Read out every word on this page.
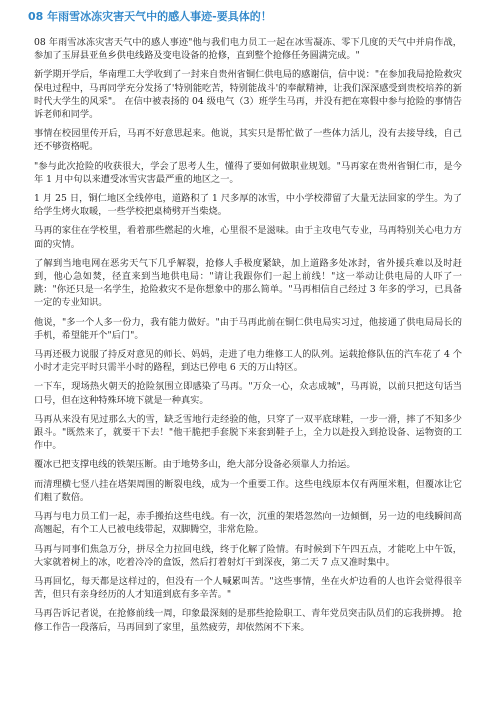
08 年雨雪冰冻灾害天气中的感人事迹-要具体的！

08 年雨雪冰冻灾害天气中的感人事迹"他与我们电力员工一起在冰雪凝冻、零下几度的天气中并肩作战，参加了玉屏县亚鱼乡供电线路及变电设备的抢修，直到整个抢修任务圆满完成。"

新学期开学后，华南理工大学收到了一封来自贵州省铜仁供电局的感谢信，信中说："在参加我局抢险救灾保电过程中，马再同学充分发扬了'特别能吃苦，特别能战斗'的奉献精神，让我们深深感受到贵校培养的新时代大学生的风采"。 在信中被表扬的 04 级电气（3）班学生马再，并没有把在寒假中参与抢险的事情告诉老师和同学。

事情在校园里传开后，马再不好意思起来。他说，其实只是帮忙做了一些体力活儿，没有去接导线，自己还不够资格呢。

"参与此次抢险的收获很大，学会了思考人生，懂得了要如何做职业规划。"马再家在贵州省铜仁市，是今年 1 月中旬以来遭受冰雪灾害最严重的地区之一。

1 月 25 日，铜仁地区全线停电，道路积了 1 尺多厚的冰雪，中小学校滞留了大量无法回家的学生。为了给学生烤火取暖，一些学校把桌椅劈开当柴烧。

马再的家住在学校里，看着那些燃起的火堆，心里很不是滋味。由于主攻电气专业，马再特别关心电力方面的灾情。

了解到当地电网在恶劣天气下几乎解裂，抢修人手极度紧缺，加上道路多处冰封，省外援兵难以及时赶到，他心急如焚，径直来到当地供电局："请让我跟你们一起上前线！"这一举动让供电局的人吓了一跳："你还只是一名学生，抢险救灾不是你想象中的那么简单。"马再相信自己经过 3 年多的学习，已具备一定的专业知识。

他说，"多一个人多一份力，我有能力做好。"由于马再此前在铜仁供电局实习过，他接通了供电局局长的手机，希望能开个"后门"。

马再还极力说服了持反对意见的师长、妈妈，走进了电力维修工人的队列。运载抢修队伍的汽车花了 4 个小时才走完平时只需半小时的路程，到达已停电 6 天的万山特区。

一下车，现场热火朝天的抢险氛围立即感染了马再。"万众一心，众志成城"，马再说，以前只把这句话当口号，但在这种特殊环境下就是一种真实。

马再从来没有见过那么大的雪，缺乏雪地行走经验的他，只穿了一双平底球鞋，一步一滑，摔了不知多少跟斗。"既然来了，就要干下去！"他干脆把手套脱下来套到鞋子上，全力以赴投入到抢设备、运物资的工作中。

覆冰已把支撑电线的铁架压断。由于地势多山，绝大部分设备必须靠人力抬运。

而清理横七竖八挂在塔架周围的断裂电线，成为一个重要工作。这些电线原本仅有两厘米粗，但覆冰让它们粗了数倍。

马再与电力员工们一起，赤手搬抬这些电线。有一次，沉重的架塔忽然向一边倾倒，另一边的电线瞬间高高翘起，有个工人已被电线带起，双脚腾空，非常危险。

马再与同事们焦急万分，拼尽全力拉回电线，终于化解了险情。有时候到下午四五点，才能吃上中午饭，大家就着树上的冰，吃着冷冷的盒饭，然后打着射灯干到深夜，第二天 7 点又准时集中。

马再回忆，每天都是这样过的，但没有一个人喊累叫苦。"这些事情，坐在火炉边看的人也许会觉得很辛苦，但只有亲身经历的人才知道到底有多辛苦。"

马再告诉记者说，在抢修前线一周，印象最深刻的是那些抢险职工、青年党员突击队员们的忘我拼搏。 抢修工作告一段落后，马再回到了家里，虽然疲劳，却依然闲不下来。
